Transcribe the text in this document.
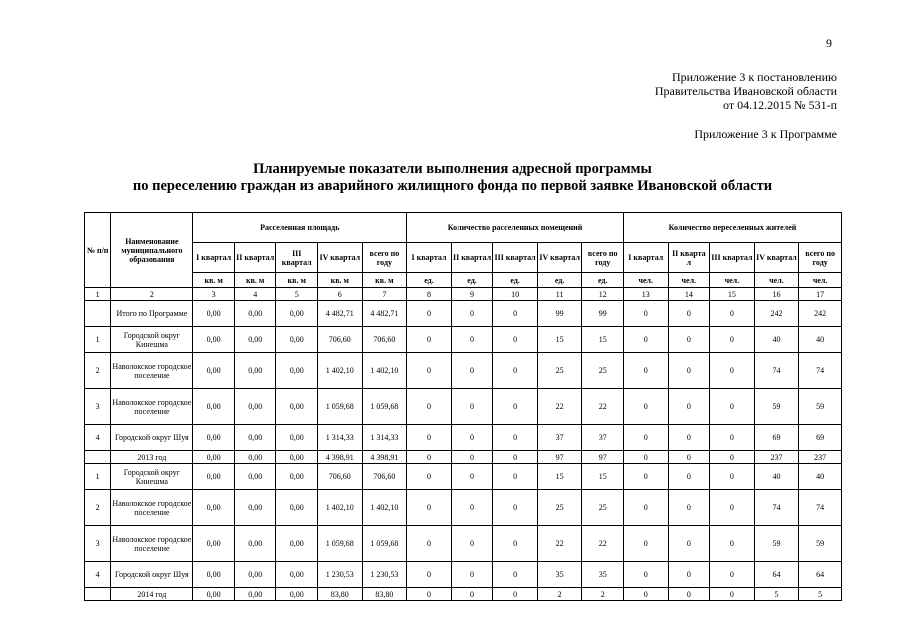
9
Приложение 3 к постановлению
Правительства Ивановской области
от 04.12.2015 № 531-п
Приложение 3 к Программе
Планируемые показатели выполнения адресной программы
по переселению граждан из аварийного жилищного фонда по первой заявке Ивановской области
№ п/п	Наименование муниципального образования	Расселенная площадь					Количество расселенных помещений					Количество переселенных жителей				
		I квартал	II квартал	III квартал	IV квартал	всего по году	I квартал	II квартал	III квартал	IV квартал	всего по году	I квартал	II кварта л	III квартал	IV квартал	всего по году
		кв. м	кв. м	кв. м	кв. м	кв. м	ед.	ед.	ед.	ед.	ед.	чел.	чел.	чел.	чел.	чел.
1	2	3	4	5	6	7	8	9	10	11	12	13	14	15	16	17
	Итого по Программе	0,00	0,00	0,00	4 482,71	4 482,71	0	0	0	99	99	0	0	0	242	242
1	Городской округ Кинешма	0,00	0,00	0,00	706,60	706,60	0	0	0	15	15	0	0	0	40	40
2	Наволокское городское поселение	0,00	0,00	0,00	1 402,10	1 402,10	0	0	0	25	25	0	0	0	74	74
3	Наволокское городское поселение	0,00	0,00	0,00	1 059,68	1 059,68	0	0	0	22	22	0	0	0	59	59
4	Городской округ Шуя	0,00	0,00	0,00	1 314,33	1 314,33	0	0	0	37	37	0	0	0	69	69
	2013 год	0,00	0,00	0,00	4 398,91	4 398,91	0	0	0	97	97	0	0	0	237	237
1	Городской округ Кинешма	0,00	0,00	0,00	706,60	706,60	0	0	0	15	15	0	0	0	40	40
2	Наволокское городское поселение	0,00	0,00	0,00	1 402,10	1 402,10	0	0	0	25	25	0	0	0	74	74
3	Наволокское городское поселение	0,00	0,00	0,00	1 059,68	1 059,68	0	0	0	22	22	0	0	0	59	59
4	Городской округ Шуя	0,00	0,00	0,00	1 230,53	1 230,53	0	0	0	35	35	0	0	0	64	64
	2014 год	0,00	0,00	0,00	83,80	83,80	0	0	0	2	2	0	0	0	5	5
